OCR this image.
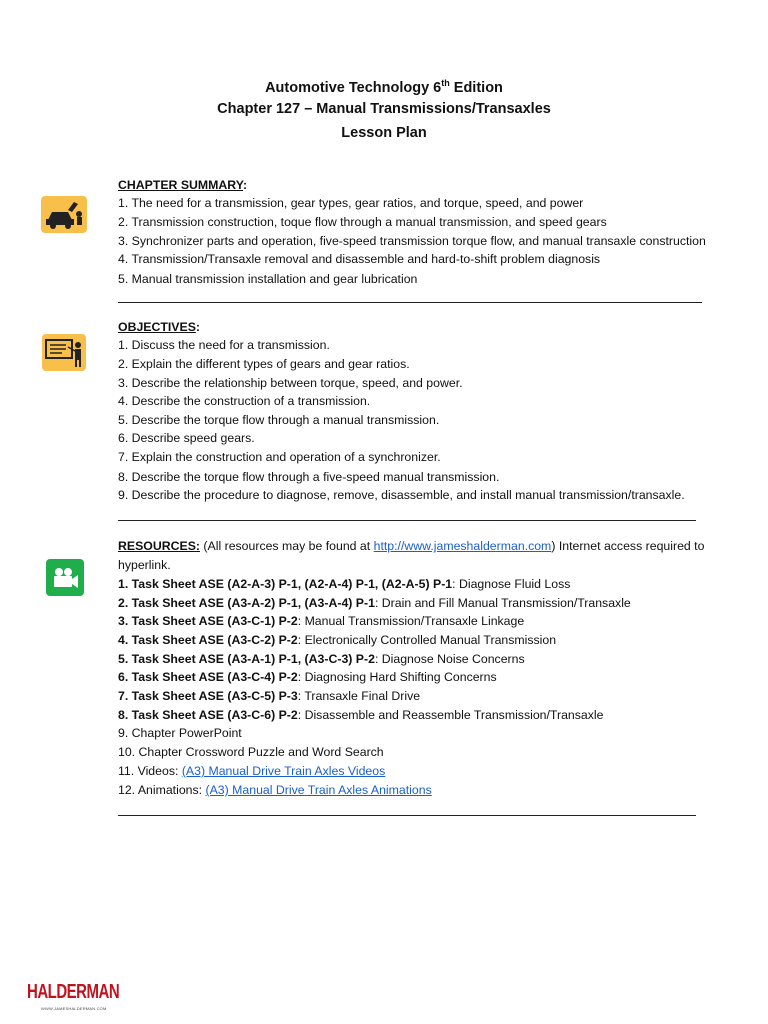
Automotive Technology 6th Edition
Chapter 127 – Manual Transmissions/Transaxles
Lesson Plan
CHAPTER SUMMARY:
1. The need for a transmission, gear types, gear ratios, and torque, speed, and power
2. Transmission construction, toque flow through a manual transmission, and speed gears
3. Synchronizer parts and operation, five-speed transmission torque flow, and manual transaxle construction
4. Transmission/Transaxle removal and disassemble and hard-to-shift problem diagnosis
5. Manual transmission installation and gear lubrication
OBJECTIVES:
1. Discuss the need for a transmission.
2. Explain the different types of gears and gear ratios.
3. Describe the relationship between torque, speed, and power.
4. Describe the construction of a transmission.
5. Describe the torque flow through a manual transmission.
6. Describe speed gears.
7. Explain the construction and operation of a synchronizer.
8. Describe the torque flow through a five-speed manual transmission.
9. Describe the procedure to diagnose, remove, disassemble, and install manual transmission/transaxle.
RESOURCES: (All resources may be found at http://www.jameshalderman.com) Internet access required to
hyperlink.
1. Task Sheet ASE (A2-A-3) P-1, (A2-A-4) P-1, (A2-A-5) P-1: Diagnose Fluid Loss
2. Task Sheet ASE (A3-A-2) P-1, (A3-A-4) P-1: Drain and Fill Manual Transmission/Transaxle
3. Task Sheet ASE (A3-C-1) P-2: Manual Transmission/Transaxle Linkage
4. Task Sheet ASE (A3-C-2) P-2: Electronically Controlled Manual Transmission
5. Task Sheet ASE (A3-A-1) P-1, (A3-C-3) P-2: Diagnose Noise Concerns
6. Task Sheet ASE (A3-C-4) P-2: Diagnosing Hard Shifting Concerns
7. Task Sheet ASE (A3-C-5) P-3: Transaxle Final Drive
8. Task Sheet ASE (A3-C-6) P-2: Disassemble and Reassemble Transmission/Transaxle
9. Chapter PowerPoint
10. Chapter Crossword Puzzle and Word Search
11. Videos: (A3) Manual Drive Train Axles Videos
12. Animations: (A3) Manual Drive Train Axles Animations
HALDERMAN
WWW.JAMESHALDERMAN.COM
